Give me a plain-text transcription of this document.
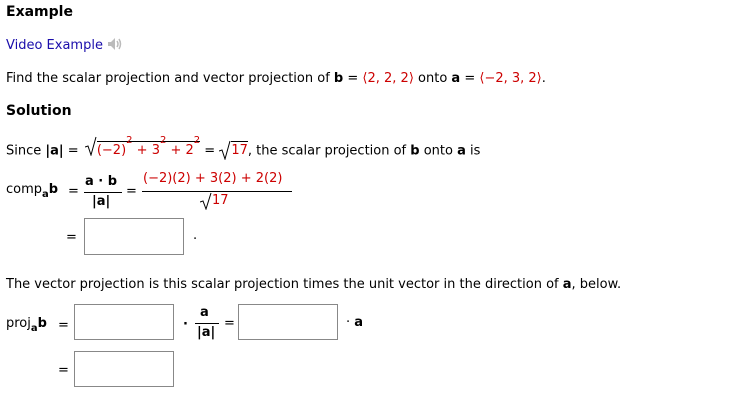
Example
Video Example
Find the scalar projection and vector projection of b = ⟨2, 2, 2⟩ onto a = ⟨−2, 3, 2⟩.
Solution
Since |a| =
$(-2)^2 + 3^2 + 2^2$ =
17, the scalar projection of b onto a is
comp$_a$b =
a · b
|a|
=
(−2)(2) + 3(2) + 2(2)
17
=	.
The vector projection is this scalar projection times the unit vector in the direction of a, below.
proj$_a$b =	·
a
|a|
=	· a
=
